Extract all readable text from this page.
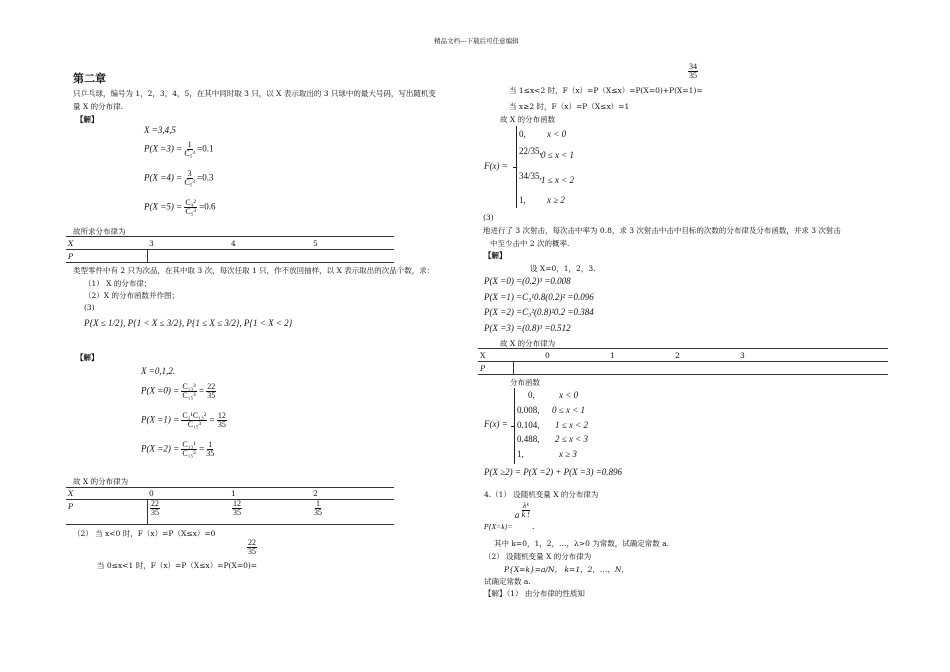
精品文档---下载后可任意编辑
第二章
只乒乓球，编号为 1，2，3，4，5，在其中同时取 3 只，以 X 表示取出的 3 只球中的最大号码，写出随机变
量 X 的分布律.
【解】
X =3,4,5
$P(X =3) = \frac{1}{\text{C₅³}} =0.1$
$P(X =4) = \frac{3}{\text{C₅³}} =0.3$
$P(X =5) = \frac{\text{C₄²}}{\text{C₅³}} =0.6$
故所求分布律为
X	3	4	5
P
类型零件中有 2 只为次品，在其中取 3 次，每次任取 1 只，作不放回抽样，以 X 表示取出的次品个数，求：
（1） X 的分布律；
（2）X 的分布函数并作图；
(3)
P{X ≤ 1/2}, P{1 < X ≤ 3/2}, P{1 ≤ X ≤ 3/2}, P{1 < X < 2}
【解】
X =0,1,2.
$P(X =0) = \frac{\text{C₁₃³}}{\text{C₁₅³}} = \frac{22}{35}$
$P(X =1) = \frac{\text{C₂¹C₁₃²}}{\text{C₁₅³}} = \frac{12}{35}$
$P(X =2) = \frac{\text{C₁₃¹}}{\text{C₁₅³}} = \frac{1}{35}$
故 X 的分布律为
X	0	1	2
P	$\frac{22}{35}$	$\frac{12}{35}$	$\frac{1}{35}$
（2） 当 x<0 时，F（x）=P（X≤x）=0
$\frac{22}{35}$
当 0≤x<1 时，F（x）=P（X≤x）=P(X=0)=
$\frac{34}{35}$
当 1≤x<2 时，F（x）=P（X≤x）=P(X=0)+P(X=1)=
当 x≥2 时，F（x）=P（X≤x）=1
故 X 的分布函数
F(x) =
0, x < 0
22/35, 0 ≤ x < 1
34/35, 1 ≤ x < 2
1, x ≥ 2
(3)
地进行了 3 次射击，每次击中率为 0.8，求 3 次射击中击中目标的次数的分布律及分布函数，并求 3 次射击
中至少击中 2 次的概率.
【解】
设 X=0，1，2，3.
P(X =0) =(0.2)³ =0.008
P(X =1) =C₃¹0.8(0.2)² =0.096
P(X =2) =C₃²(0.8)²0.2 =0.384
P(X =3) =(0.8)³ =0.512
故 X 的分布律为
X	0	1	2	3
P
分布函数
F(x) =
0,	x < 0
0.008, 0 ≤ x < 1
0.104, 1 ≤ x < 2
0.488, 2 ≤ x < 3
1,	x ≥ 3
P(X ≥2) = P(X =2) + P(X =3) =0.896
4.（1） 设随机变量 X 的分布律为
P{X=k}= a $\frac{\text{λᵏ}}{k !}$
.
其中 k=0，1，2，…，λ>0 为常数，试确定常数 a.
（2） 设随机变量 X 的分布律为
P{X=k}=a/N， k=1，2，…，N，
试确定常数 a.
【解】（1） 由分布律的性质知
